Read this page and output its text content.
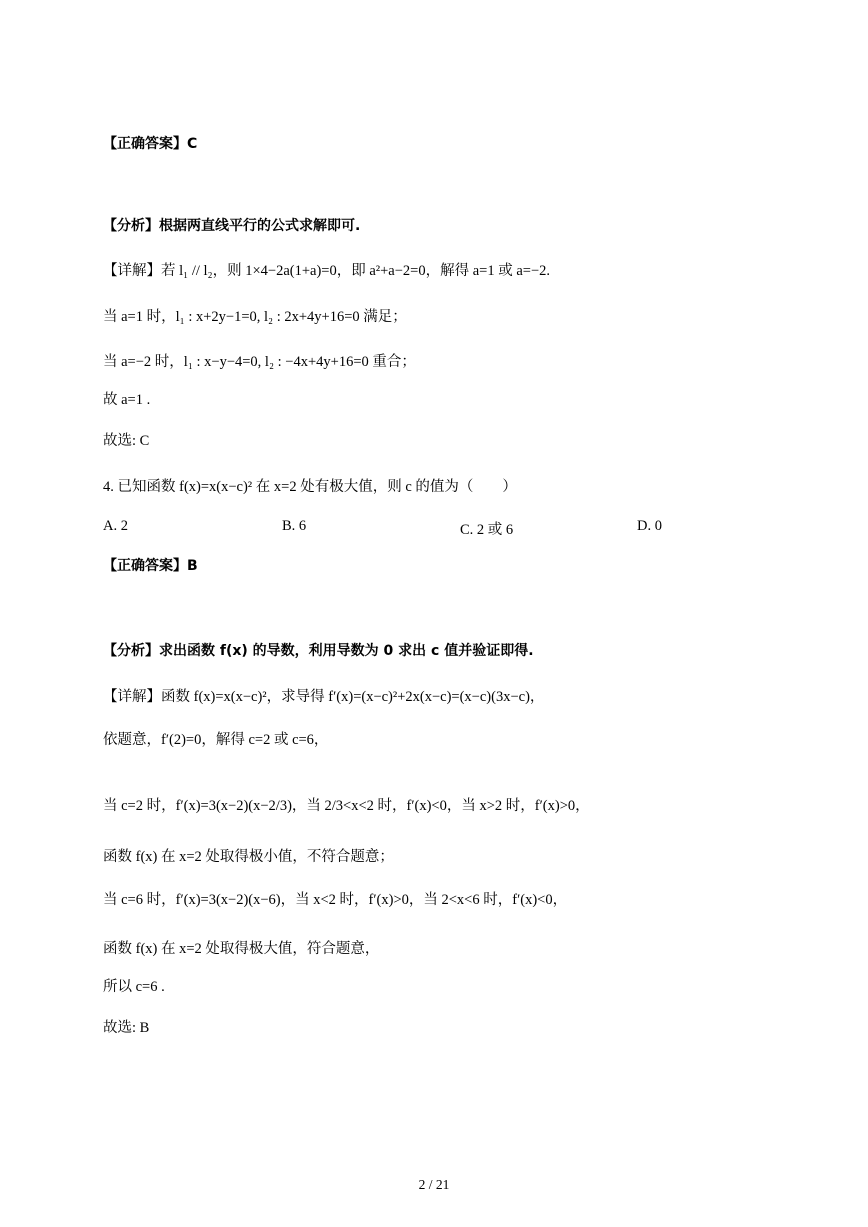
【正确答案】C
【分析】根据两直线平行的公式求解即可.
【详解】若 l₁ // l₂，则 1×4−2a(1+a)=0，即 a²+a−2=0，解得 a=1 或 a=−2.
当 a=1 时，l₁ : x+2y−1=0, l₂ : 2x+4y+16=0 满足；
当 a=−2 时，l₁ : x−y−4=0, l₂ : −4x+4y+16=0 重合；
故 a=1 .
故选: C
4. 已知函数 f(x)=x(x−c)² 在 x=2 处有极大值，则 c 的值为（　　）
A. 2	B. 6	C. 2 或 6	D. 0
【正确答案】B
【分析】求出函数 f(x) 的导数，利用导数为 0 求出 c 值并验证即得.
【详解】函数 f(x)=x(x−c)²，求导得 f′(x)=(x−c)²+2x(x−c)=(x−c)(3x−c)，
依题意，f′(2)=0，解得 c=2 或 c=6，
当 c=2 时，f′(x)=3(x−2)(x−2/3)，当 2/3<x<2 时，f′(x)<0，当 x>2 时，f′(x)>0，
函数 f(x) 在 x=2 处取得极小值，不符合题意；
当 c=6 时，f′(x)=3(x−2)(x−6)，当 x<2 时，f′(x)>0，当 2<x<6 时，f′(x)<0，
函数 f(x) 在 x=2 处取得极大值，符合题意，
所以 c=6 .
故选: B
2 / 21
